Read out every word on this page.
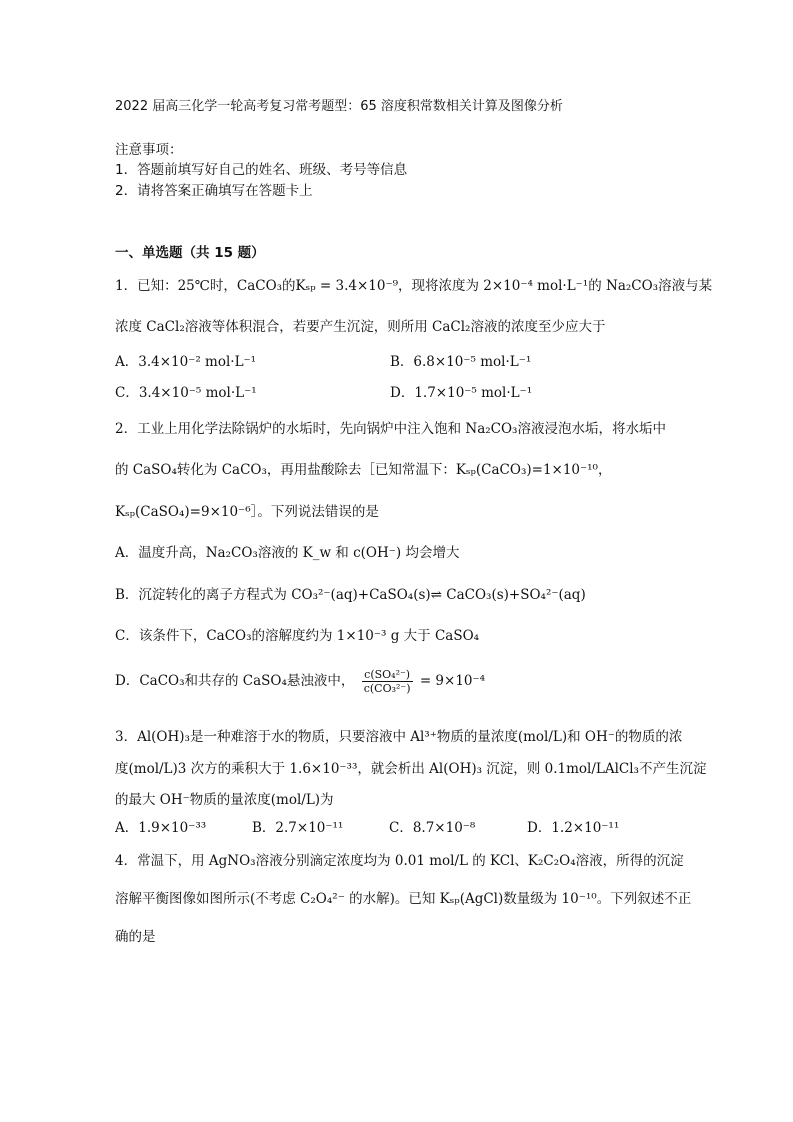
2022 届高三化学一轮高考复习常考题型：65 溶度积常数相关计算及图像分析
注意事项：
1．答题前填写好自己的姓名、班级、考号等信息
2．请将答案正确填写在答题卡上
一、单选题（共 15 题）
1．已知：25℃时，CaCO₃的Kₛₚ = 3.4×10⁻⁹，现将浓度为 2×10⁻⁴ mol·L⁻¹的 Na₂CO₃溶液与某
浓度 CaCl₂溶液等体积混合，若要产生沉淀，则所用 CaCl₂溶液的浓度至少应大于
A．3.4×10⁻² mol·L⁻¹	B．6.8×10⁻⁵ mol·L⁻¹
C．3.4×10⁻⁵ mol·L⁻¹	D．1.7×10⁻⁵ mol·L⁻¹
2．工业上用化学法除锅炉的水垢时，先向锅炉中注入饱和 Na₂CO₃溶液浸泡水垢，将水垢中
的 CaSO₄转化为 CaCO₃，再用盐酸除去［已知常温下：Kₛₚ(CaCO₃)=1×10⁻¹⁰，
Kₛₚ(CaSO₄)=9×10⁻⁶］。下列说法错误的是
A．温度升高，Na₂CO₃溶液的 K_w 和 c(OH⁻) 均会增大
B．沉淀转化的离子方程式为 CO₃²⁻(aq)+CaSO₄(s)⇌ CaCO₃(s)+SO₄²⁻(aq)
C．该条件下，CaCO₃的溶解度约为 1×10⁻³ g 大于 CaSO₄
D．CaCO₃和共存的 CaSO₄悬浊液中， $\frac{\text{c(SO₄²⁻)}}{\text{c(CO₃²⁻)}} = 9\times 10^{-4}$
3．Al(OH)₃是一种难溶于水的物质，只要溶液中 Al³⁺物质的量浓度(mol/L)和 OH⁻的物质的浓
度(mol/L)3 次方的乘积大于 1.6×10⁻³³，就会析出 Al(OH)₃ 沉淀，则 0.1mol/LAlCl₃不产生沉淀
的最大 OH⁻物质的量浓度(mol/L)为
A．1.9×10⁻³³	B．2.7×10⁻¹¹	C．8.7×10⁻⁸	D．1.2×10⁻¹¹
4．常温下，用 AgNO₃溶液分别滴定浓度均为 0.01 mol/L 的 KCl、K₂C₂O₄溶液，所得的沉淀
溶解平衡图像如图所示(不考虑 C₂O₄²⁻ 的水解)。已知 Kₛₚ(AgCl)数量级为 10⁻¹⁰。下列叙述不正
确的是
